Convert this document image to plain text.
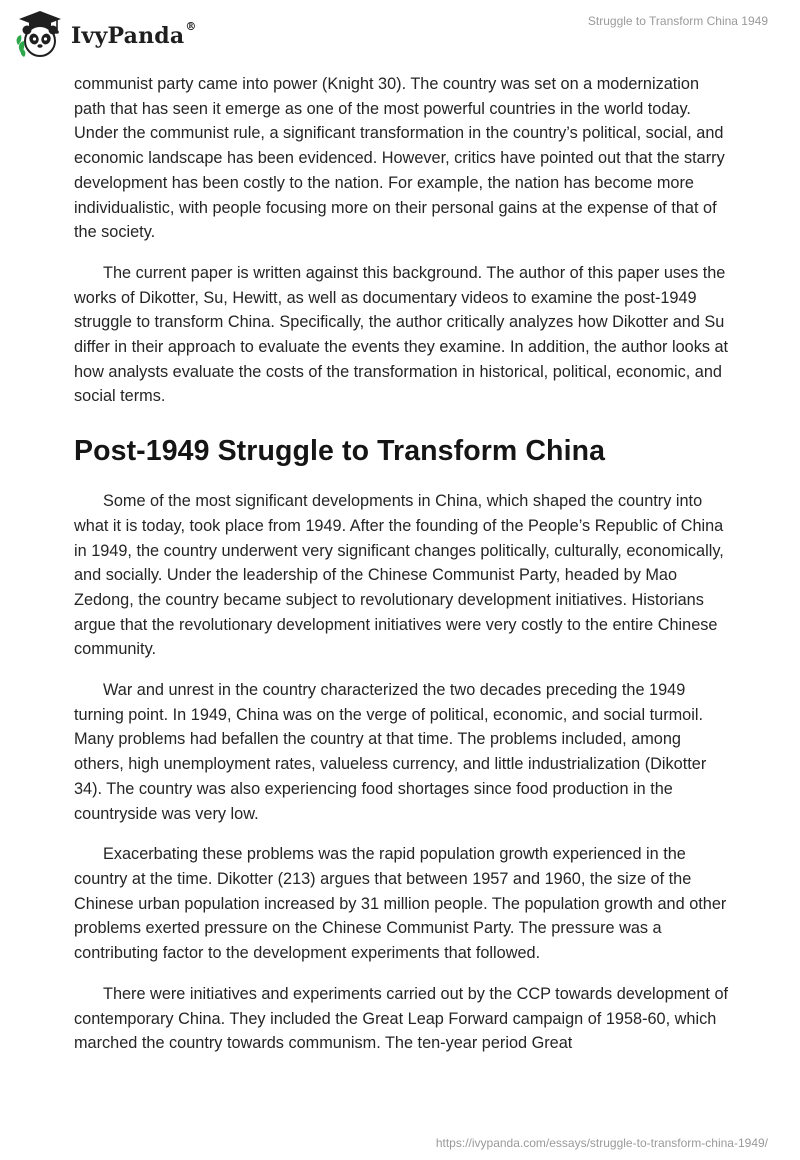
IvyPanda®	Struggle to Transform China 1949

communist party came into power (Knight 30). The country was set on a modernization path that has seen it emerge as one of the most powerful countries in the world today. Under the communist rule, a significant transformation in the country’s political, social, and economic landscape has been evidenced. However, critics have pointed out that the starry development has been costly to the nation. For example, the nation has become more individualistic, with people focusing more on their personal gains at the expense of that of the society.

The current paper is written against this background. The author of this paper uses the works of Dikotter, Su, Hewitt, as well as documentary videos to examine the post-1949 struggle to transform China. Specifically, the author critically analyzes how Dikotter and Su differ in their approach to evaluate the events they examine. In addition, the author looks at how analysts evaluate the costs of the transformation in historical, political, economic, and social terms.

Post-1949 Struggle to Transform China

Some of the most significant developments in China, which shaped the country into what it is today, took place from 1949. After the founding of the People’s Republic of China in 1949, the country underwent very significant changes politically, culturally, economically, and socially. Under the leadership of the Chinese Communist Party, headed by Mao Zedong, the country became subject to revolutionary development initiatives. Historians argue that the revolutionary development initiatives were very costly to the entire Chinese community.

War and unrest in the country characterized the two decades preceding the 1949 turning point. In 1949, China was on the verge of political, economic, and social turmoil. Many problems had befallen the country at that time. The problems included, among others, high unemployment rates, valueless currency, and little industrialization (Dikotter 34). The country was also experiencing food shortages since food production in the countryside was very low.

Exacerbating these problems was the rapid population growth experienced in the country at the time. Dikotter (213) argues that between 1957 and 1960, the size of the Chinese urban population increased by 31 million people. The population growth and other problems exerted pressure on the Chinese Communist Party. The pressure was a contributing factor to the development experiments that followed.

There were initiatives and experiments carried out by the CCP towards development of contemporary China. They included the Great Leap Forward campaign of 1958-60, which marched the country towards communism. The ten-year period Great

https://ivypanda.com/essays/struggle-to-transform-china-1949/
